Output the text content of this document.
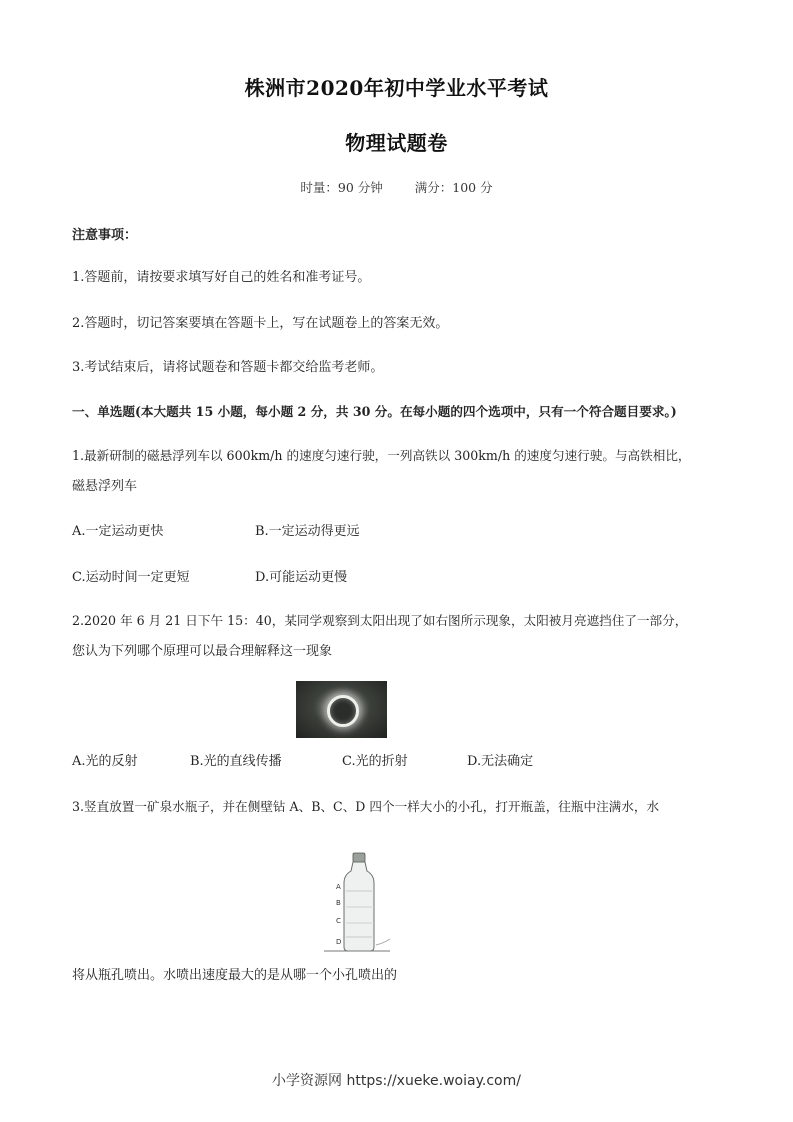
株洲市2020年初中学业水平考试
物理试题卷
时量：90 分钟	满分：100 分
注意事项：
1.答题前，请按要求填写好自己的姓名和准考证号。
2.答题时，切记答案要填在答题卡上，写在试题卷上的答案无效。
3.考试结束后，请将试题卷和答题卡都交给监考老师。
一、单选题(本大题共 15 小题，每小题 2 分，共 30 分。在每小题的四个选项中，只有一个符合题目要求。)
1.最新研制的磁悬浮列车以 600km/h 的速度匀速行驶，一列高铁以 300km/h 的速度匀速行驶。与高铁相比，
磁悬浮列车
A.一定运动更快	B.一定运动得更远
C.运动时间一定更短	D.可能运动更慢
2.2020 年 6 月 21 日下午 15：40，某同学观察到太阳出现了如右图所示现象，太阳被月亮遮挡住了一部分，
您认为下列哪个原理可以最合理解释这一现象
A.光的反射	B.光的直线传播	C.光的折射	D.无法确定
3.竖直放置一矿泉水瓶子，并在侧壁钻 A、B、C、D 四个一样大小的小孔，打开瓶盖，往瓶中注满水，水
A
B
C
D
将从瓶孔喷出。水喷出速度最大的是从哪一个小孔喷出的
小学资源网 https://xueke.woiay.com/
